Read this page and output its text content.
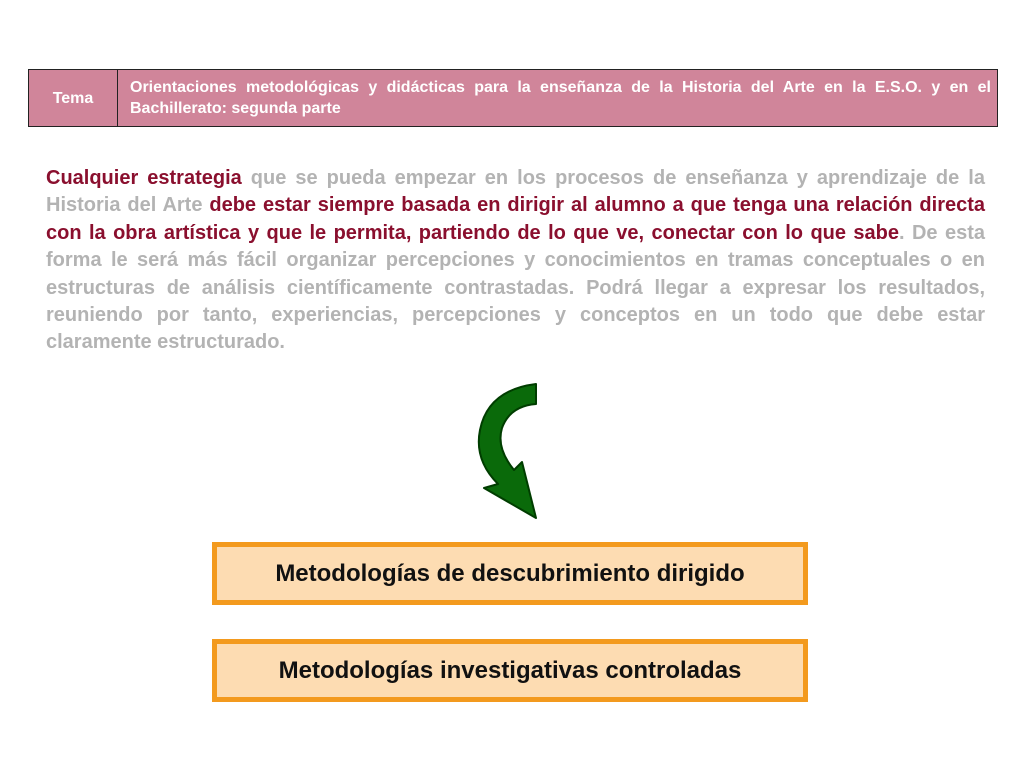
Tema	Orientaciones metodológicas y didácticas para la enseñanza de la Historia del Arte en la E.S.O. y en el Bachillerato: segunda parte

Cualquier estrategia que se pueda empezar en los procesos de enseñanza y aprendizaje de la Historia del Arte debe estar siempre basada en dirigir al alumno a que tenga una relación directa con la obra artística y que le permita, partiendo de lo que ve, conectar con lo que sabe. De esta forma le será más fácil organizar percepciones y conocimientos en tramas conceptuales o en estructuras de análisis científicamente contrastadas. Podrá llegar a expresar los resultados, reuniendo por tanto, experiencias, percepciones y conceptos en un todo que debe estar claramente estructurado.

Metodologías de descubrimiento dirigido
Metodologías investigativas controladas
